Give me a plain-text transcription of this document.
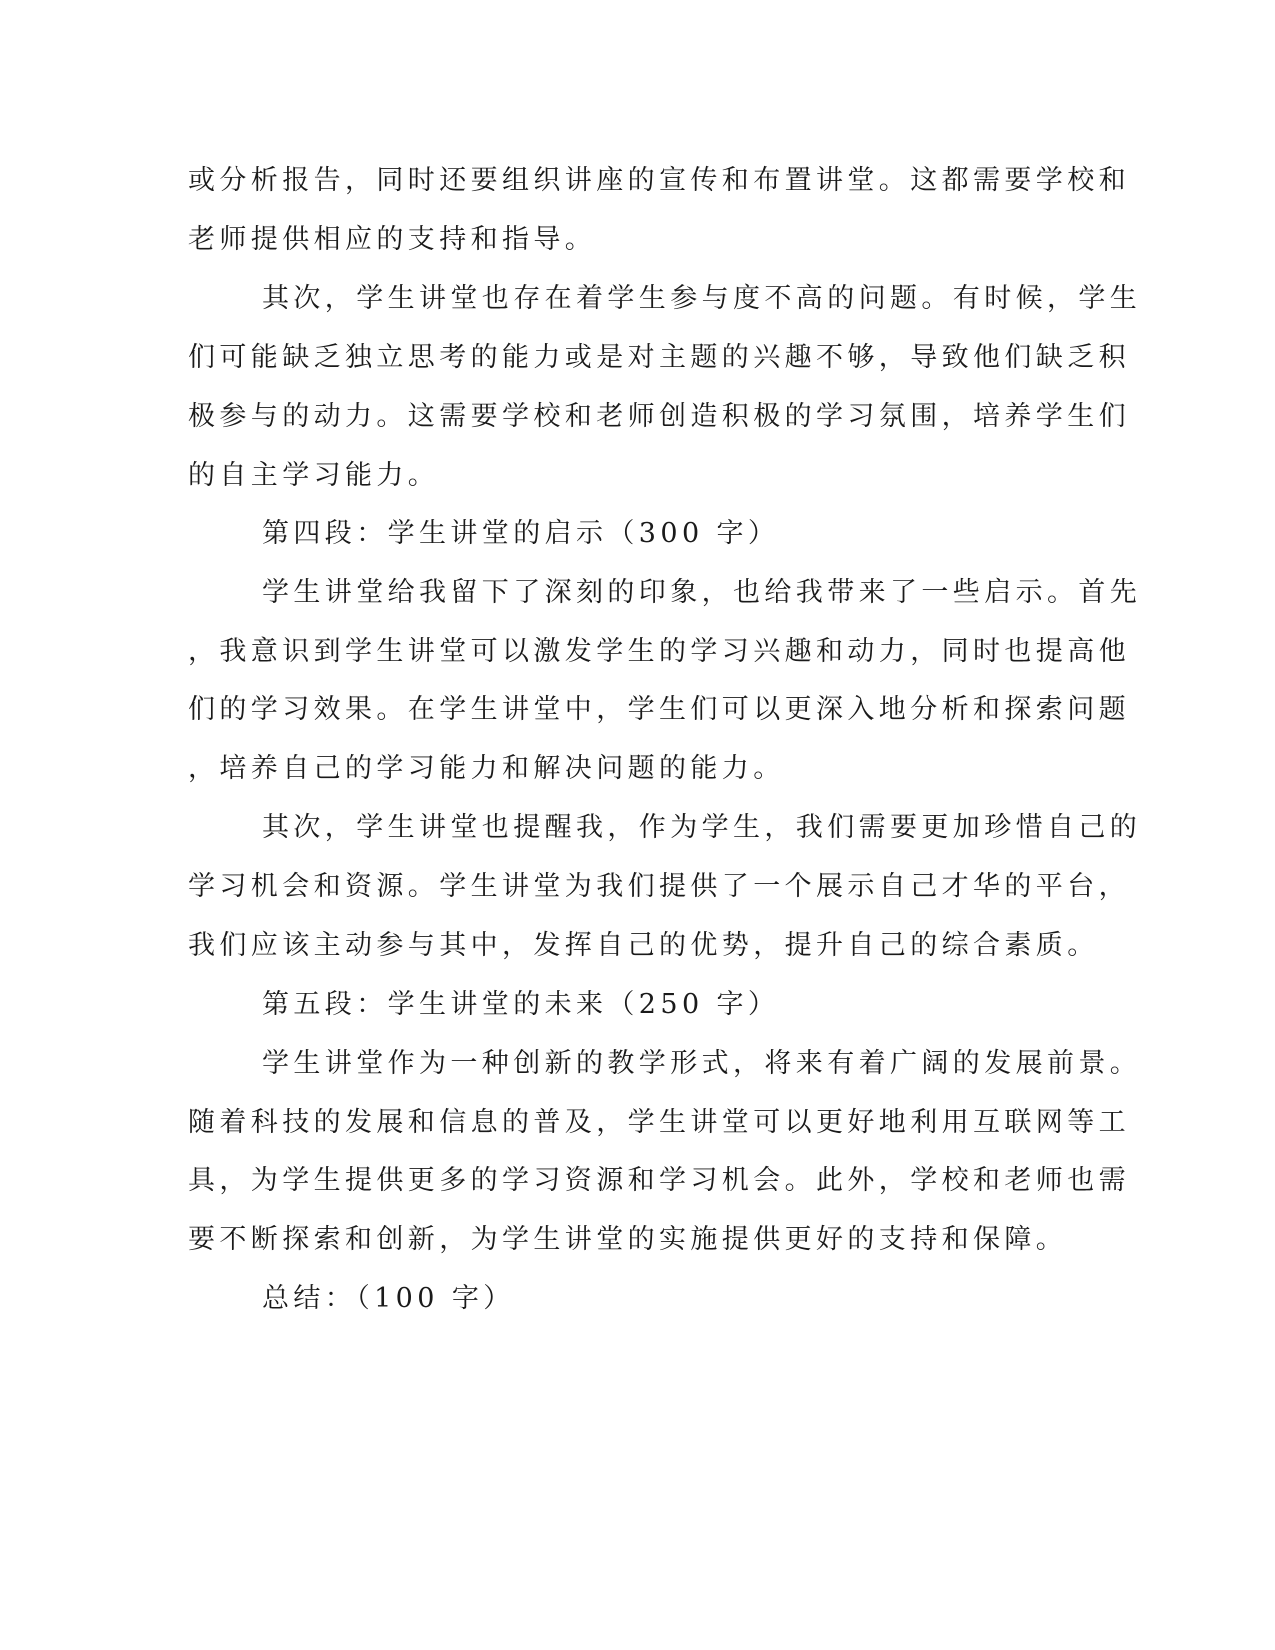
或分析报告，同时还要组织讲座的宣传和布置讲堂。这都需要学校和
老师提供相应的支持和指导。
其次，学生讲堂也存在着学生参与度不高的问题。有时候，学生
们可能缺乏独立思考的能力或是对主题的兴趣不够，导致他们缺乏积
极参与的动力。这需要学校和老师创造积极的学习氛围，培养学生们
的自主学习能力。
第四段：学生讲堂的启示（300 字）
学生讲堂给我留下了深刻的印象，也给我带来了一些启示。首先
，我意识到学生讲堂可以激发学生的学习兴趣和动力，同时也提高他
们的学习效果。在学生讲堂中，学生们可以更深入地分析和探索问题
，培养自己的学习能力和解决问题的能力。
其次，学生讲堂也提醒我，作为学生，我们需要更加珍惜自己的
学习机会和资源。学生讲堂为我们提供了一个展示自己才华的平台，
我们应该主动参与其中，发挥自己的优势，提升自己的综合素质。
第五段：学生讲堂的未来（250 字）
学生讲堂作为一种创新的教学形式，将来有着广阔的发展前景。
随着科技的发展和信息的普及，学生讲堂可以更好地利用互联网等工
具，为学生提供更多的学习资源和学习机会。此外，学校和老师也需
要不断探索和创新，为学生讲堂的实施提供更好的支持和保障。
总结：（100 字）
